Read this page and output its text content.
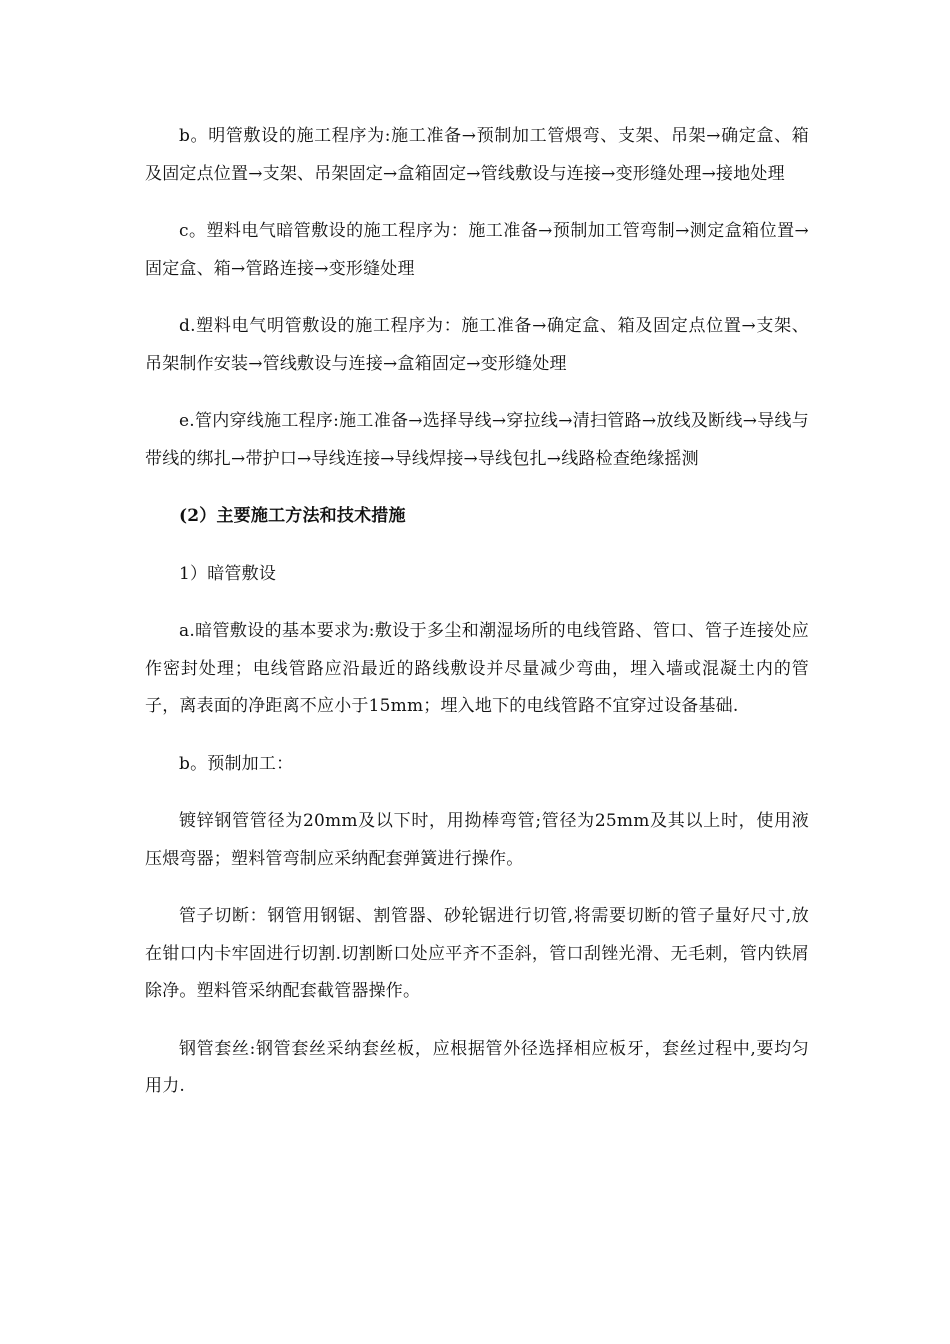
b。明管敷设的施工程序为:施工准备→预制加工管煨弯、支架、吊架→确定盒、箱及固定点位置→支架、吊架固定→盒箱固定→管线敷设与连接→变形缝处理→接地处理

c。塑料电气暗管敷设的施工程序为：施工准备→预制加工管弯制→测定盒箱位置→固定盒、箱→管路连接→变形缝处理

d.塑料电气明管敷设的施工程序为：施工准备→确定盒、箱及固定点位置→支架、吊架制作安装→管线敷设与连接→盒箱固定→变形缝处理

e.管内穿线施工程序:施工准备→选择导线→穿拉线→清扫管路→放线及断线→导线与带线的绑扎→带护口→导线连接→导线焊接→导线包扎→线路检查绝缘摇测

(2）主要施工方法和技术措施

1）暗管敷设

a.暗管敷设的基本要求为:敷设于多尘和潮湿场所的电线管路、管口、管子连接处应作密封处理；电线管路应沿最近的路线敷设并尽量减少弯曲，埋入墙或混凝土内的管子，离表面的净距离不应小于15mm；埋入地下的电线管路不宜穿过设备基础.

b。预制加工：

镀锌钢管管径为20mm及以下时，用拗棒弯管;管径为25mm及其以上时，使用液压煨弯器；塑料管弯制应采纳配套弹簧进行操作。

管子切断：钢管用钢锯、割管器、砂轮锯进行切管,将需要切断的管子量好尺寸,放在钳口内卡牢固进行切割.切割断口处应平齐不歪斜，管口刮锉光滑、无毛刺，管内铁屑除净。塑料管采纳配套截管器操作。

钢管套丝:钢管套丝采纳套丝板，应根据管外径选择相应板牙，套丝过程中,要均匀用力.
